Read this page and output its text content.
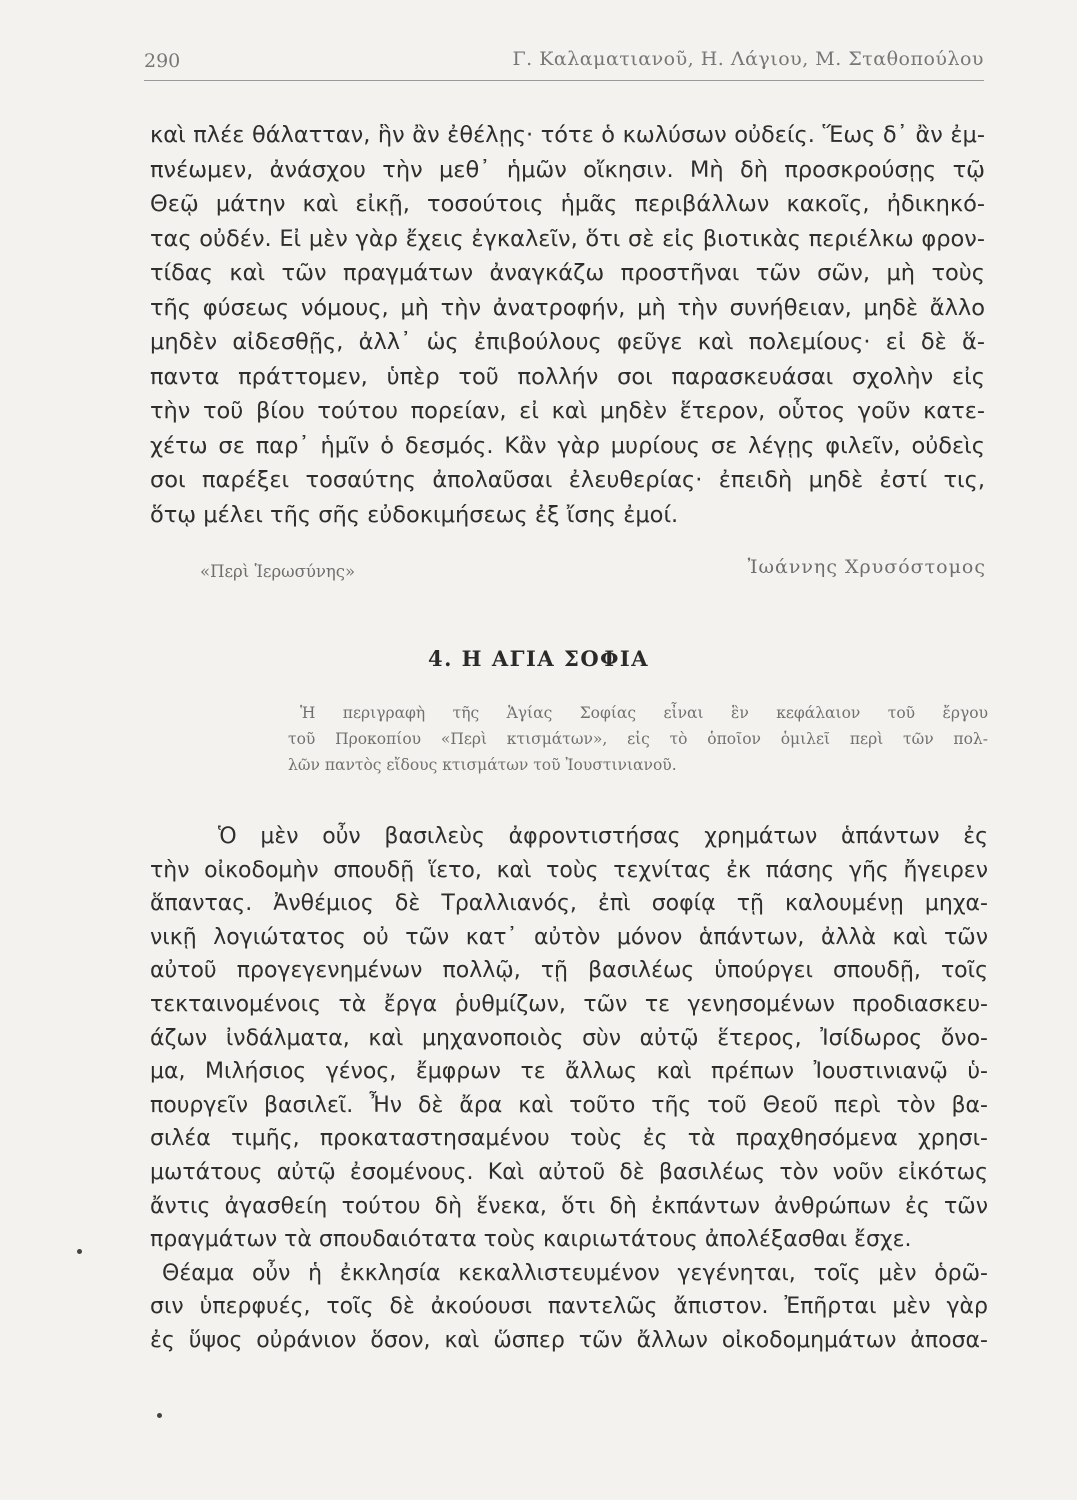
290	Γ. Καλαματιανοῦ, Η. Λάγιου, Μ. Σταθοπούλου
καὶ πλέε θάλατταν, ἣν ἂν ἐθέλῃς· τότε ὁ κωλύσων οὐδείς. Ἕως δ᾽ ἂν ἐμ-
πνέωμεν, ἀνάσχου τὴν μεθ᾽ ἡμῶν οἴκησιν. Μὴ δὴ προσκρούσῃς τῷ
Θεῷ μάτην καὶ εἰκῇ, τοσούτοις ἡμᾶς περιβάλλων κακοῖς, ἠδικηκό-
τας οὐδέν. Εἰ μὲν γὰρ ἔχεις ἐγκαλεῖν, ὅτι σὲ εἰς βιοτικὰς περιέλκω φρον-
τίδας καὶ τῶν πραγμάτων ἀναγκάζω προστῆναι τῶν σῶν, μὴ τοὺς
τῆς φύσεως νόμους, μὴ τὴν ἀνατροφήν, μὴ τὴν συνήθειαν, μηδὲ ἄλλο
μηδὲν αἰδεσθῇς, ἀλλ᾽ ὡς ἐπιβούλους φεῦγε καὶ πολεμίους· εἰ δὲ ἅ-
παντα πράττομεν, ὑπὲρ τοῦ πολλήν σοι παρασκευάσαι σχολὴν εἰς
τὴν τοῦ βίου τούτου πορείαν, εἰ καὶ μηδὲν ἕτερον, οὗτος γοῦν κατε-
χέτω σε παρ᾽ ἡμῖν ὁ δεσμός. Κἂν γὰρ μυρίους σε λέγῃς φιλεῖν, οὐδεὶς
σοι παρέξει τοσαύτης ἀπολαῦσαι ἐλευθερίας· ἐπειδὴ μηδὲ ἐστί τις,
ὅτῳ μέλει τῆς σῆς εὐδοκιμήσεως ἐξ ἴσης ἐμοί.
«Περὶ Ἱερωσύνης»	Ἰωάννης Χρυσόστομος
4. Η ΑΓΙΑ ΣΟΦΙΑ
Ἡ περιγραφὴ τῆς Ἁγίας Σοφίας εἶναι ἓν κεφάλαιον τοῦ ἔργου
τοῦ Προκοπίου «Περὶ κτισμάτων», εἰς τὸ ὁποῖον ὁμιλεῖ περὶ τῶν πολ-
λῶν παντὸς εἴδους κτισμάτων τοῦ Ἰουστινιανοῦ.
Ὁ μὲν οὖν βασιλεὺς ἀφροντιστήσας χρημάτων ἁπάντων ἐς
τὴν οἰκοδομὴν σπουδῇ ἵετο, καὶ τοὺς τεχνίτας ἐκ πάσης γῆς ἤγειρεν
ἅπαντας. Ἀνθέμιος δὲ Τραλλιανός, ἐπὶ σοφίᾳ τῇ καλουμένῃ μηχα-
νικῇ λογιώτατος οὐ τῶν κατ᾽ αὐτὸν μόνον ἁπάντων, ἀλλὰ καὶ τῶν
αὐτοῦ προγεγενημένων πολλῷ, τῇ βασιλέως ὑπούργει σπουδῇ, τοῖς
τεκταινομένοις τὰ ἔργα ῥυθμίζων, τῶν τε γενησομένων προδιασκευ-
άζων ἰνδάλματα, καὶ μηχανοποιὸς σὺν αὐτῷ ἕτερος, Ἰσίδωρος ὄνο-
μα, Μιλήσιος γένος, ἔμφρων τε ἄλλως καὶ πρέπων Ἰουστινιανῷ ὑ-
πουργεῖν βασιλεῖ. Ἦν δὲ ἄρα καὶ τοῦτο τῆς τοῦ Θεοῦ περὶ τὸν βα-
σιλέα τιμῆς, προκαταστησαμένου τοὺς ἐς τὰ πραχθησόμενα χρησι-
μωτάτους αὐτῷ ἐσομένους. Καὶ αὐτοῦ δὲ βασιλέως τὸν νοῦν εἰκότως
ἄντις ἀγασθείη τούτου δὴ ἕνεκα, ὅτι δὴ ἐκπάντων ἀνθρώπων ἐς τῶν
πραγμάτων τὰ σπουδαιότατα τοὺς καιριωτάτους ἀπολέξασθαι ἔσχε.
Θέαμα οὖν ἡ ἐκκλησία κεκαλλιστευμένον γεγένηται, τοῖς μὲν ὁρῶ-
σιν ὑπερφυές, τοῖς δὲ ἀκούουσι παντελῶς ἄπιστον. Ἐπῆρται μὲν γὰρ
ἐς ὕψος οὐράνιον ὅσον, καὶ ὥσπερ τῶν ἄλλων οἰκοδομημάτων ἀποσα-
